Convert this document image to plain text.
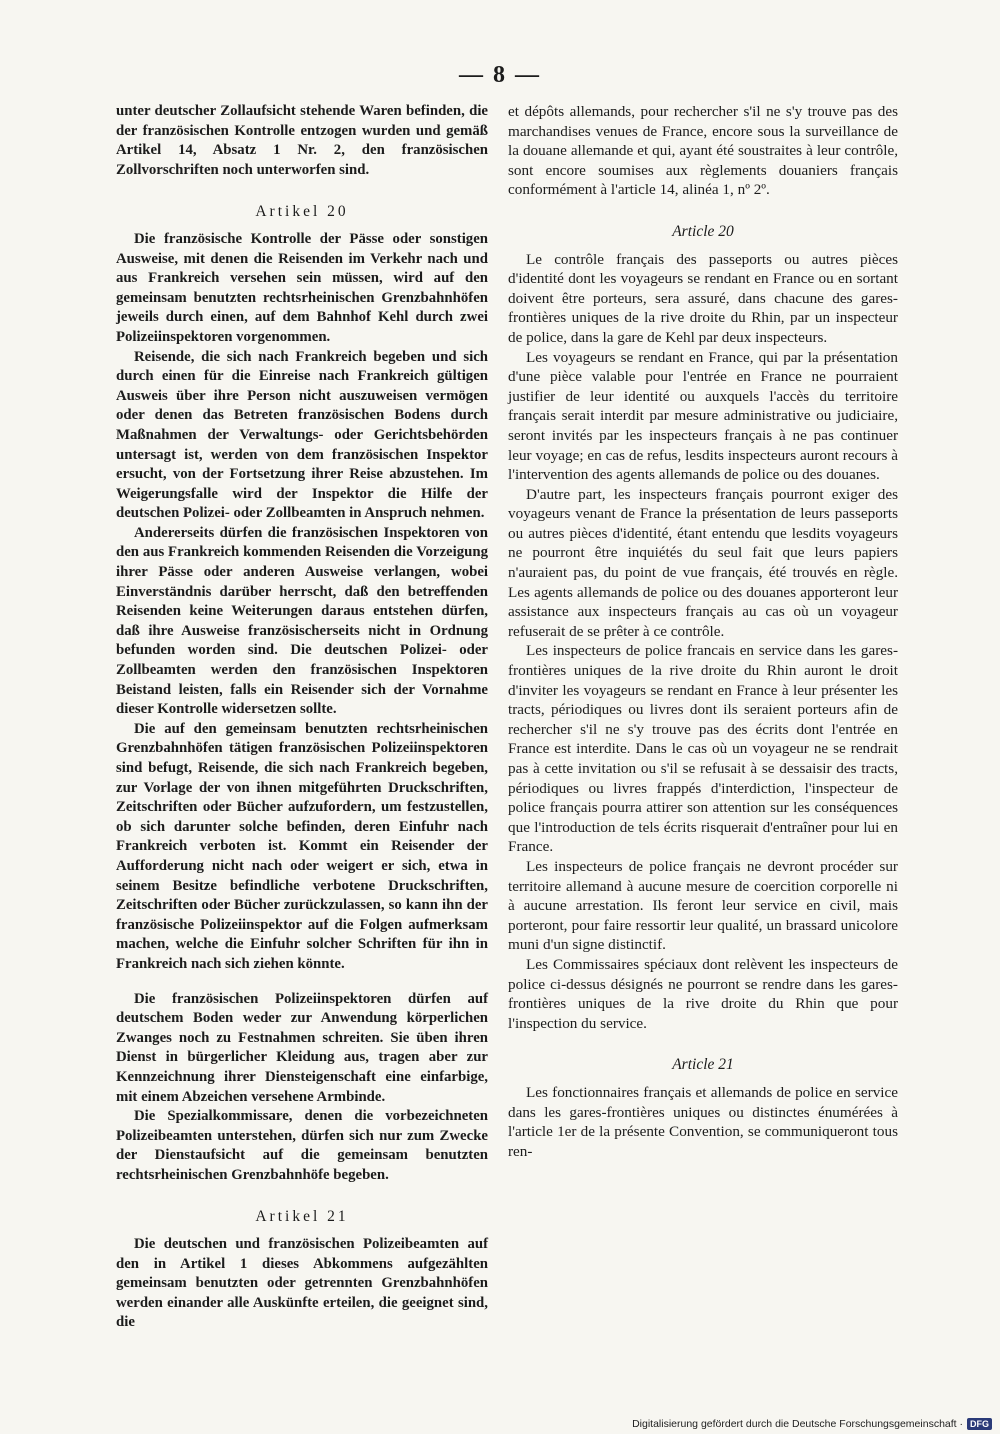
— 8 —

unter deutscher Zollaufsicht stehende Waren befinden, die der französischen Kontrolle entzogen wurden und gemäß Artikel 14, Absatz 1 Nr. 2, den französischen Zollvorschriften noch unterworfen sind.

Artikel 20

Die französische Kontrolle der Pässe oder sonstigen Ausweise, mit denen die Reisenden im Verkehr nach und aus Frankreich versehen sein müssen, wird auf den gemeinsam benutzten rechtsrheinischen Grenzbahnhöfen jeweils durch einen, auf dem Bahnhof Kehl durch zwei Polizeiinspektoren vorgenommen.

Reisende, die sich nach Frankreich begeben und sich durch einen für die Einreise nach Frankreich gültigen Ausweis über ihre Person nicht auszuweisen vermögen oder denen das Betreten französischen Bodens durch Maßnahmen der Verwaltungs- oder Gerichtsbehörden untersagt ist, werden von dem französischen Inspektor ersucht, von der Fortsetzung ihrer Reise abzustehen. Im Weigerungsfalle wird der Inspektor die Hilfe der deutschen Polizei- oder Zollbeamten in Anspruch nehmen.

Andererseits dürfen die französischen Inspektoren von den aus Frankreich kommenden Reisenden die Vorzeigung ihrer Pässe oder anderen Ausweise verlangen, wobei Einverständnis darüber herrscht, daß den betreffenden Reisenden keine Weiterungen daraus entstehen dürfen, daß ihre Ausweise französischerseits nicht in Ordnung befunden worden sind. Die deutschen Polizei- oder Zollbeamten werden den französischen Inspektoren Beistand leisten, falls ein Reisender sich der Vornahme dieser Kontrolle widersetzen sollte.

Die auf den gemeinsam benutzten rechtsrheinischen Grenzbahnhöfen tätigen französischen Polizeiinspektoren sind befugt, Reisende, die sich nach Frankreich begeben, zur Vorlage der von ihnen mitgeführten Druckschriften, Zeitschriften oder Bücher aufzufordern, um festzustellen, ob sich darunter solche befinden, deren Einfuhr nach Frankreich verboten ist. Kommt ein Reisender der Aufforderung nicht nach oder weigert er sich, etwa in seinem Besitze befindliche verbotene Druckschriften, Zeitschriften oder Bücher zurückzulassen, so kann ihn der französische Polizeiinspektor auf die Folgen aufmerksam machen, welche die Einfuhr solcher Schriften für ihn in Frankreich nach sich ziehen könnte.

Die französischen Polizeiinspektoren dürfen auf deutschem Boden weder zur Anwendung körperlichen Zwanges noch zu Festnahmen schreiten. Sie üben ihren Dienst in bürgerlicher Kleidung aus, tragen aber zur Kennzeichnung ihrer Diensteigenschaft eine einfarbige, mit einem Abzeichen versehene Armbinde.

Die Spezialkommissare, denen die vorbezeichneten Polizeibeamten unterstehen, dürfen sich nur zum Zwecke der Dienstaufsicht auf die gemeinsam benutzten rechtsrheinischen Grenzbahnhöfe begeben.

Artikel 21

Die deutschen und französischen Polizeibeamten auf den in Artikel 1 dieses Abkommens aufgezählten gemeinsam benutzten oder getrennten Grenzbahnhöfen werden einander alle Auskünfte erteilen, die geeignet sind, die

et dépôts allemands, pour rechercher s'il ne s'y trouve pas des marchandises venues de France, encore sous la surveillance de la douane allemande et qui, ayant été soustraites à leur contrôle, sont encore soumises aux règlements douaniers français conformément à l'article 14, alinéa 1, nº 2º.

Article 20

Le contrôle français des passeports ou autres pièces d'identité dont les voyageurs se rendant en France ou en sortant doivent être porteurs, sera assuré, dans chacune des gares-frontières uniques de la rive droite du Rhin, par un inspecteur de police, dans la gare de Kehl par deux inspecteurs.

Les voyageurs se rendant en France, qui par la présentation d'une pièce valable pour l'entrée en France ne pourraient justifier de leur identité ou auxquels l'accès du territoire français serait interdit par mesure administrative ou judiciaire, seront invités par les inspecteurs français à ne pas continuer leur voyage; en cas de refus, lesdits inspecteurs auront recours à l'intervention des agents allemands de police ou des douanes.

D'autre part, les inspecteurs français pourront exiger des voyageurs venant de France la présentation de leurs passeports ou autres pièces d'identité, étant entendu que lesdits voyageurs ne pourront être inquiétés du seul fait que leurs papiers n'auraient pas, du point de vue français, été trouvés en règle. Les agents allemands de police ou des douanes apporteront leur assistance aux inspecteurs français au cas où un voyageur refuserait de se prêter à ce contrôle.

Les inspecteurs de police francais en service dans les gares-frontières uniques de la rive droite du Rhin auront le droit d'inviter les voyageurs se rendant en France à leur présenter les tracts, périodiques ou livres dont ils seraient porteurs afin de rechercher s'il ne s'y trouve pas des écrits dont l'entrée en France est interdite. Dans le cas où un voyageur ne se rendrait pas à cette invitation ou s'il se refusait à se dessaisir des tracts, périodiques ou livres frappés d'interdiction, l'inspecteur de police français pourra attirer son attention sur les conséquences que l'introduction de tels écrits risquerait d'entraîner pour lui en France.

Les inspecteurs de police français ne devront procéder sur territoire allemand à aucune mesure de coercition corporelle ni à aucune arrestation. Ils feront leur service en civil, mais porteront, pour faire ressortir leur qualité, un brassard unicolore muni d'un signe distinctif.

Les Commissaires spéciaux dont relèvent les inspecteurs de police ci-dessus désignés ne pourront se rendre dans les gares-frontières uniques de la rive droite du Rhin que pour l'inspection du service.

Article 21

Les fonctionnaires français et allemands de police en service dans les gares-frontières uniques ou distinctes énumérées à l'article 1er de la présente Convention, se communiqueront tous ren-

Digitalisierung gefördert durch die Deutsche Forschungsgemeinschaft · DFG
